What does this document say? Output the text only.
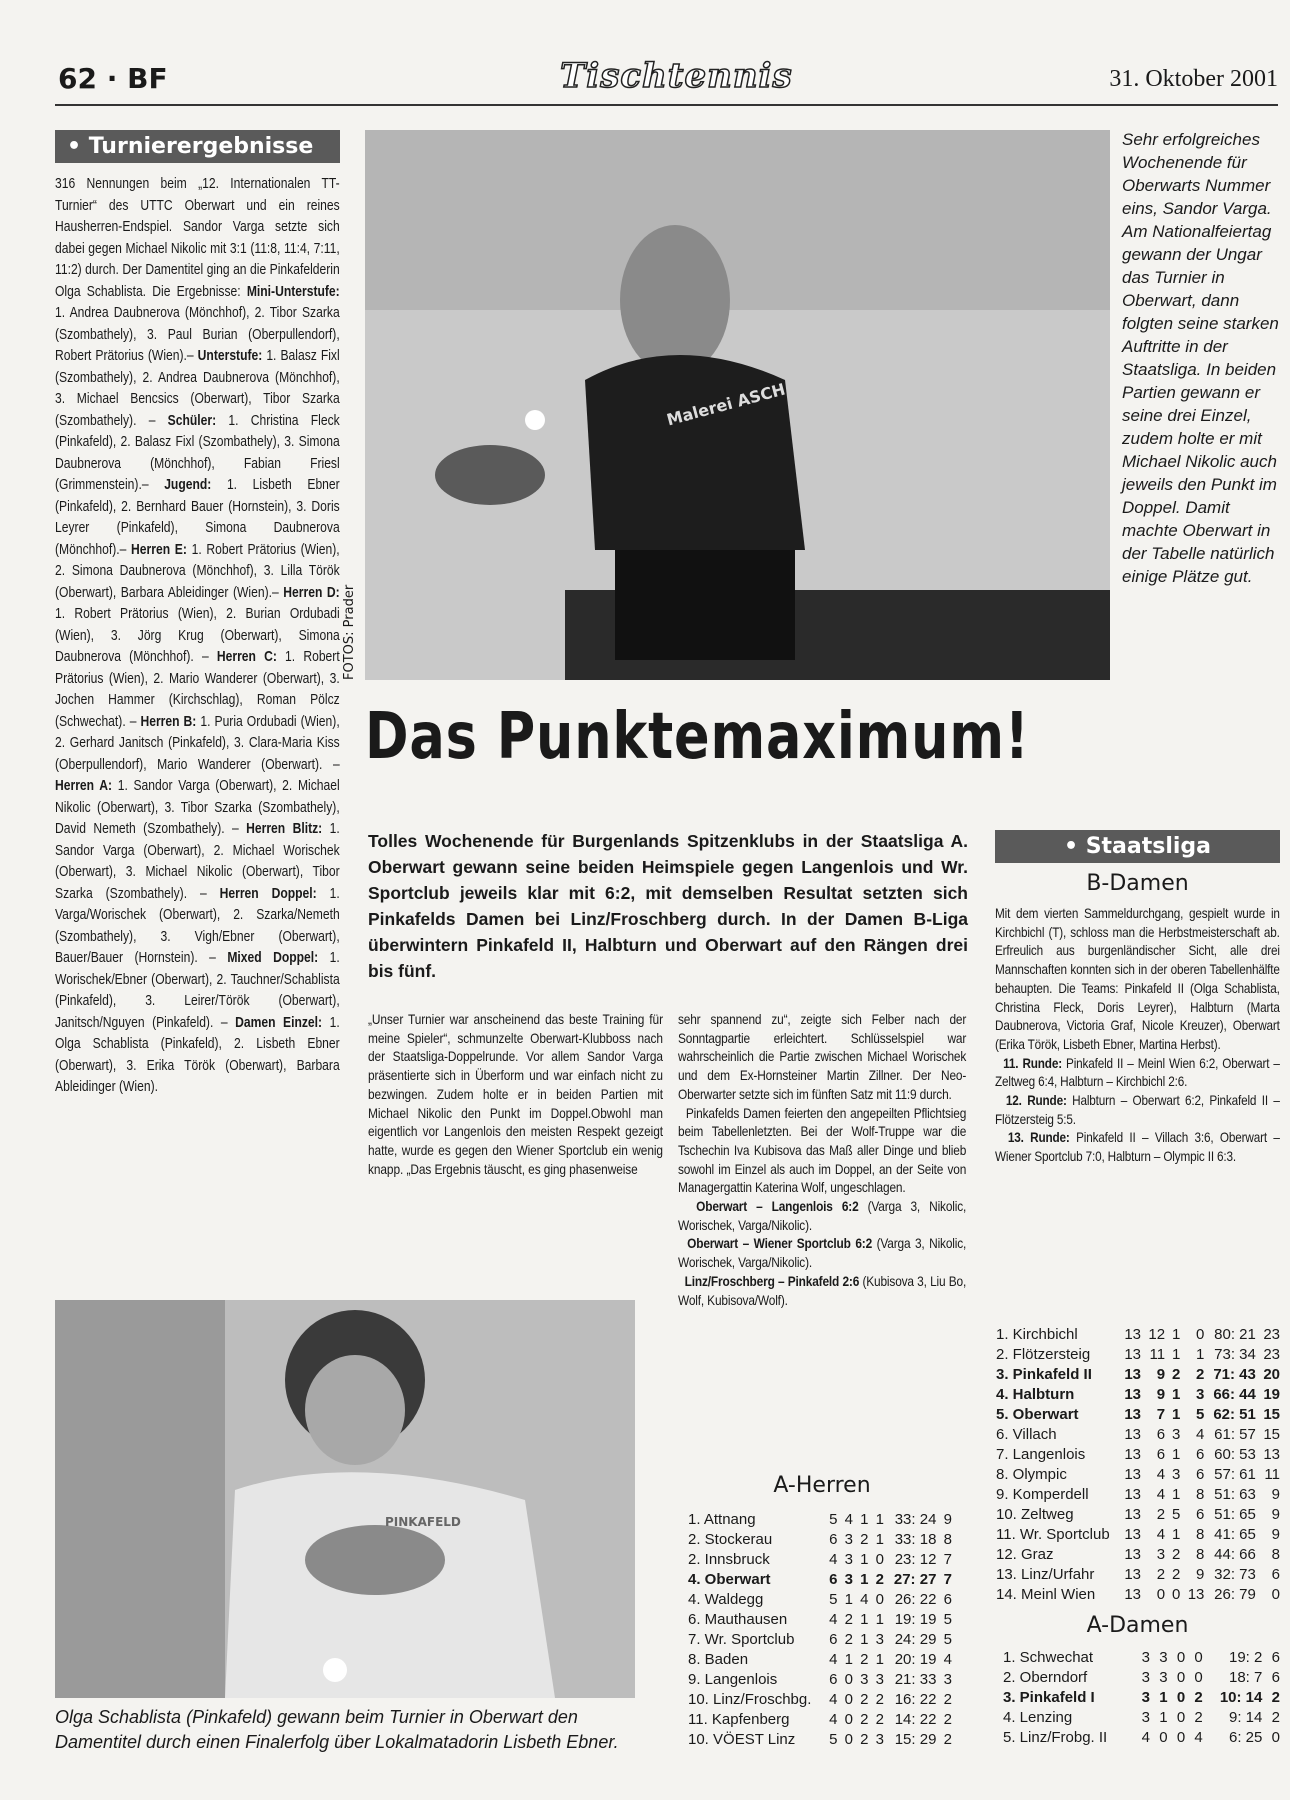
62 · BF	Tischtennis	31. Oktober 2001
• Turnierergebnisse
316 Nennungen beim „12. Internationalen TT-Turnier“ des UTTC Oberwart und ein reines Hausherren-Endspiel. Sandor Varga setzte sich dabei gegen Michael Nikolic mit 3:1 (11:8, 11:4, 7:11, 11:2) durch. Der Damentitel ging an die Pinkafelderin Olga Schablista. Die Ergebnisse: Mini-Unterstufe: 1. Andrea Daubnerova (Mönchhof), 2. Tibor Szarka (Szombathely), 3. Paul Burian (Oberpullendorf), Robert Prätorius (Wien).– Unterstufe: 1. Balasz Fixl (Szombathely), 2. Andrea Daubnerova (Mönchhof), 3. Michael Bencsics (Oberwart), Tibor Szarka (Szombathely). – Schüler: 1. Christina Fleck (Pinkafeld), 2. Balasz Fixl (Szombathely), 3. Simona Daubnerova (Mönchhof), Fabian Friesl (Grimmenstein).– Jugend: 1. Lisbeth Ebner (Pinkafeld), 2. Bernhard Bauer (Hornstein), 3. Doris Leyrer (Pinkafeld), Simona Daubnerova (Mönchhof).– Herren E: 1. Robert Prätorius (Wien), 2. Simona Daubnerova (Mönchhof), 3. Lilla Török (Oberwart), Barbara Ableidinger (Wien).– Herren D: 1. Robert Prätorius (Wien), 2. Burian Ordubadi (Wien), 3. Jörg Krug (Oberwart), Simona Daubnerova (Mönchhof). – Herren C: 1. Robert Prätorius (Wien), 2. Mario Wanderer (Oberwart), 3. Jochen Hammer (Kirchschlag), Roman Pölcz (Schwechat). – Herren B: 1. Puria Ordubadi (Wien), 2. Gerhard Janitsch (Pinkafeld), 3. Clara-Maria Kiss (Oberpullendorf), Mario Wanderer (Oberwart). – Herren A: 1. Sandor Varga (Oberwart), 2. Michael Nikolic (Oberwart), 3. Tibor Szarka (Szombathely), David Nemeth (Szombathely). – Herren Blitz: 1. Sandor Varga (Oberwart), 2. Michael Worischek (Oberwart), 3. Michael Nikolic (Oberwart), Tibor Szarka (Szombathely). – Herren Doppel: 1. Varga/Worischek (Oberwart), 2. Szarka/Nemeth (Szombathely), 3. Vigh/Ebner (Oberwart), Bauer/Bauer (Hornstein). – Mixed Doppel: 1. Worischek/Ebner (Oberwart), 2. Tauchner/Schablista (Pinkafeld), 3. Leirer/Török (Oberwart), Janitsch/Nguyen (Pinkafeld). – Damen Einzel: 1. Olga Schablista (Pinkafeld), 2. Lisbeth Ebner (Oberwart), 3. Erika Török (Oberwart), Barbara Ableidinger (Wien).
Malerei ASCH
FOTOS: Prader
Sehr erfolgreiches Wochenende für Oberwarts Nummer eins, Sandor Varga. Am Nationalfeiertag gewann der Ungar das Turnier in Oberwart, dann folgten seine starken Auftritte in der Staatsliga. In beiden Partien gewann er seine drei Einzel, zudem holte er mit Michael Nikolic auch jeweils den Punkt im Doppel. Damit machte Oberwart in der Tabelle natürlich einige Plätze gut.
Das Punktemaximum!
Tolles Wochenende für Burgenlands Spitzenklubs in der Staatsliga A. Oberwart gewann seine beiden Heimspiele gegen Langenlois und Wr. Sportclub jeweils klar mit 6:2, mit demselben Resultat setzten sich Pinkafelds Damen bei Linz/Froschberg durch. In der Damen B-Liga überwintern Pinkafeld II, Halbturn und Oberwart auf den Rängen drei bis fünf.
„Unser Turnier war anscheinend das beste Training für meine Spieler“, schmunzelte Oberwart-Klubboss nach der Staatsliga-Doppelrunde. Vor allem Sandor Varga präsentierte sich in Überform und war einfach nicht zu bezwingen. Zudem holte er in beiden Partien mit Michael Nikolic den Punkt im Doppel.Obwohl man eigentlich vor Langenlois den meisten Respekt gezeigt hatte, wurde es gegen den Wiener Sportclub ein wenig knapp. „Das Ergebnis täuscht, es ging phasenweise
sehr spannend zu“, zeigte sich Felber nach der Sonntagpartie erleichtert. Schlüsselspiel war wahrscheinlich die Partie zwischen Michael Worischek und dem Ex-Hornsteiner Martin Zillner. Der Neo-Oberwarter setzte sich im fünften Satz mit 11:9 durch.
Pinkafelds Damen feierten den angepeilten Pflichtsieg beim Tabellenletzten. Bei der Wolf-Truppe war die Tschechin Iva Kubisova das Maß aller Dinge und blieb sowohl im Einzel als auch im Doppel, an der Seite von Managergattin Katerina Wolf, ungeschlagen.
Oberwart – Langenlois 6:2 (Varga 3, Nikolic, Worischek, Varga/Nikolic).
Oberwart – Wiener Sportclub 6:2 (Varga 3, Nikolic, Worischek, Varga/Nikolic).
Linz/Froschberg – Pinkafeld 2:6 (Kubisova 3, Liu Bo, Wolf, Kubisova/Wolf).
A-Herren
1. Attnang	5	4	1	1	33: 24	9
2. Stockerau	6	3	2	1	33: 18	8
2. Innsbruck	4	3	1	0	23: 12	7
4. Oberwart	6	3	1	2	27: 27	7
4. Waldegg	5	1	4	0	26: 22	6
6. Mauthausen	4	2	1	1	19: 19	5
7. Wr. Sportclub	6	2	1	3	24: 29	5
8. Baden	4	1	2	1	20: 19	4
9. Langenlois	6	0	3	3	21: 33	3
10. Linz/Froschbg.	4	0	2	2	16: 22	2
11. Kapfenberg	4	0	2	2	14: 22	2
10. VÖEST Linz	5	0	2	3	15: 29	2
• Staatsliga
B-Damen
Mit dem vierten Sammeldurchgang, gespielt wurde in Kirchbichl (T), schloss man die Herbstmeisterschaft ab. Erfreulich aus burgenländischer Sicht, alle drei Mannschaften konnten sich in der oberen Tabellenhälfte behaupten. Die Teams: Pinkafeld II (Olga Schablista, Christina Fleck, Doris Leyrer), Halbturn (Marta Daubnerova, Victoria Graf, Nicole Kreuzer), Oberwart (Erika Török, Lisbeth Ebner, Martina Herbst).
11. Runde: Pinkafeld II – Meinl Wien 6:2, Oberwart – Zeltweg 6:4, Halbturn – Kirchbichl 2:6.
12. Runde: Halbturn – Oberwart 6:2, Pinkafeld II – Flötzersteig 5:5.
13. Runde: Pinkafeld II – Villach 3:6, Oberwart – Wiener Sportclub 7:0, Halbturn – Olympic II 6:3.
1. Kirchbichl	13	12	1	0	80: 21	23
2. Flötzersteig	13	11	1	1	73: 34	23
3. Pinkafeld II	13	9	2	2	71: 43	20
4. Halbturn	13	9	1	3	66: 44	19
5. Oberwart	13	7	1	5	62: 51	15
6. Villach	13	6	3	4	61: 57	15
7. Langenlois	13	6	1	6	60: 53	13
8. Olympic	13	4	3	6	57: 61	11
9. Komperdell	13	4	1	8	51: 63	9
10. Zeltweg	13	2	5	6	51: 65	9
11. Wr. Sportclub	13	4	1	8	41: 65	9
12. Graz	13	3	2	8	44: 66	8
13. Linz/Urfahr	13	2	2	9	32: 73	6
14. Meinl Wien	13	0	0	13	26: 79	0
A-Damen
1. Schwechat	3	3	0	0	19: 2	6
2. Oberndorf	3	3	0	0	18: 7	6
3. Pinkafeld I	3	1	0	2	10: 14	2
4. Lenzing	3	1	0	2	9: 14	2
5. Linz/Frobg. II	4	0	0	4	6: 25	0
PINKAFELD
Olga Schablista (Pinkafeld) gewann beim Turnier in Oberwart den Damentitel durch einen Finalerfolg über Lokalmatadorin Lisbeth Ebner.
